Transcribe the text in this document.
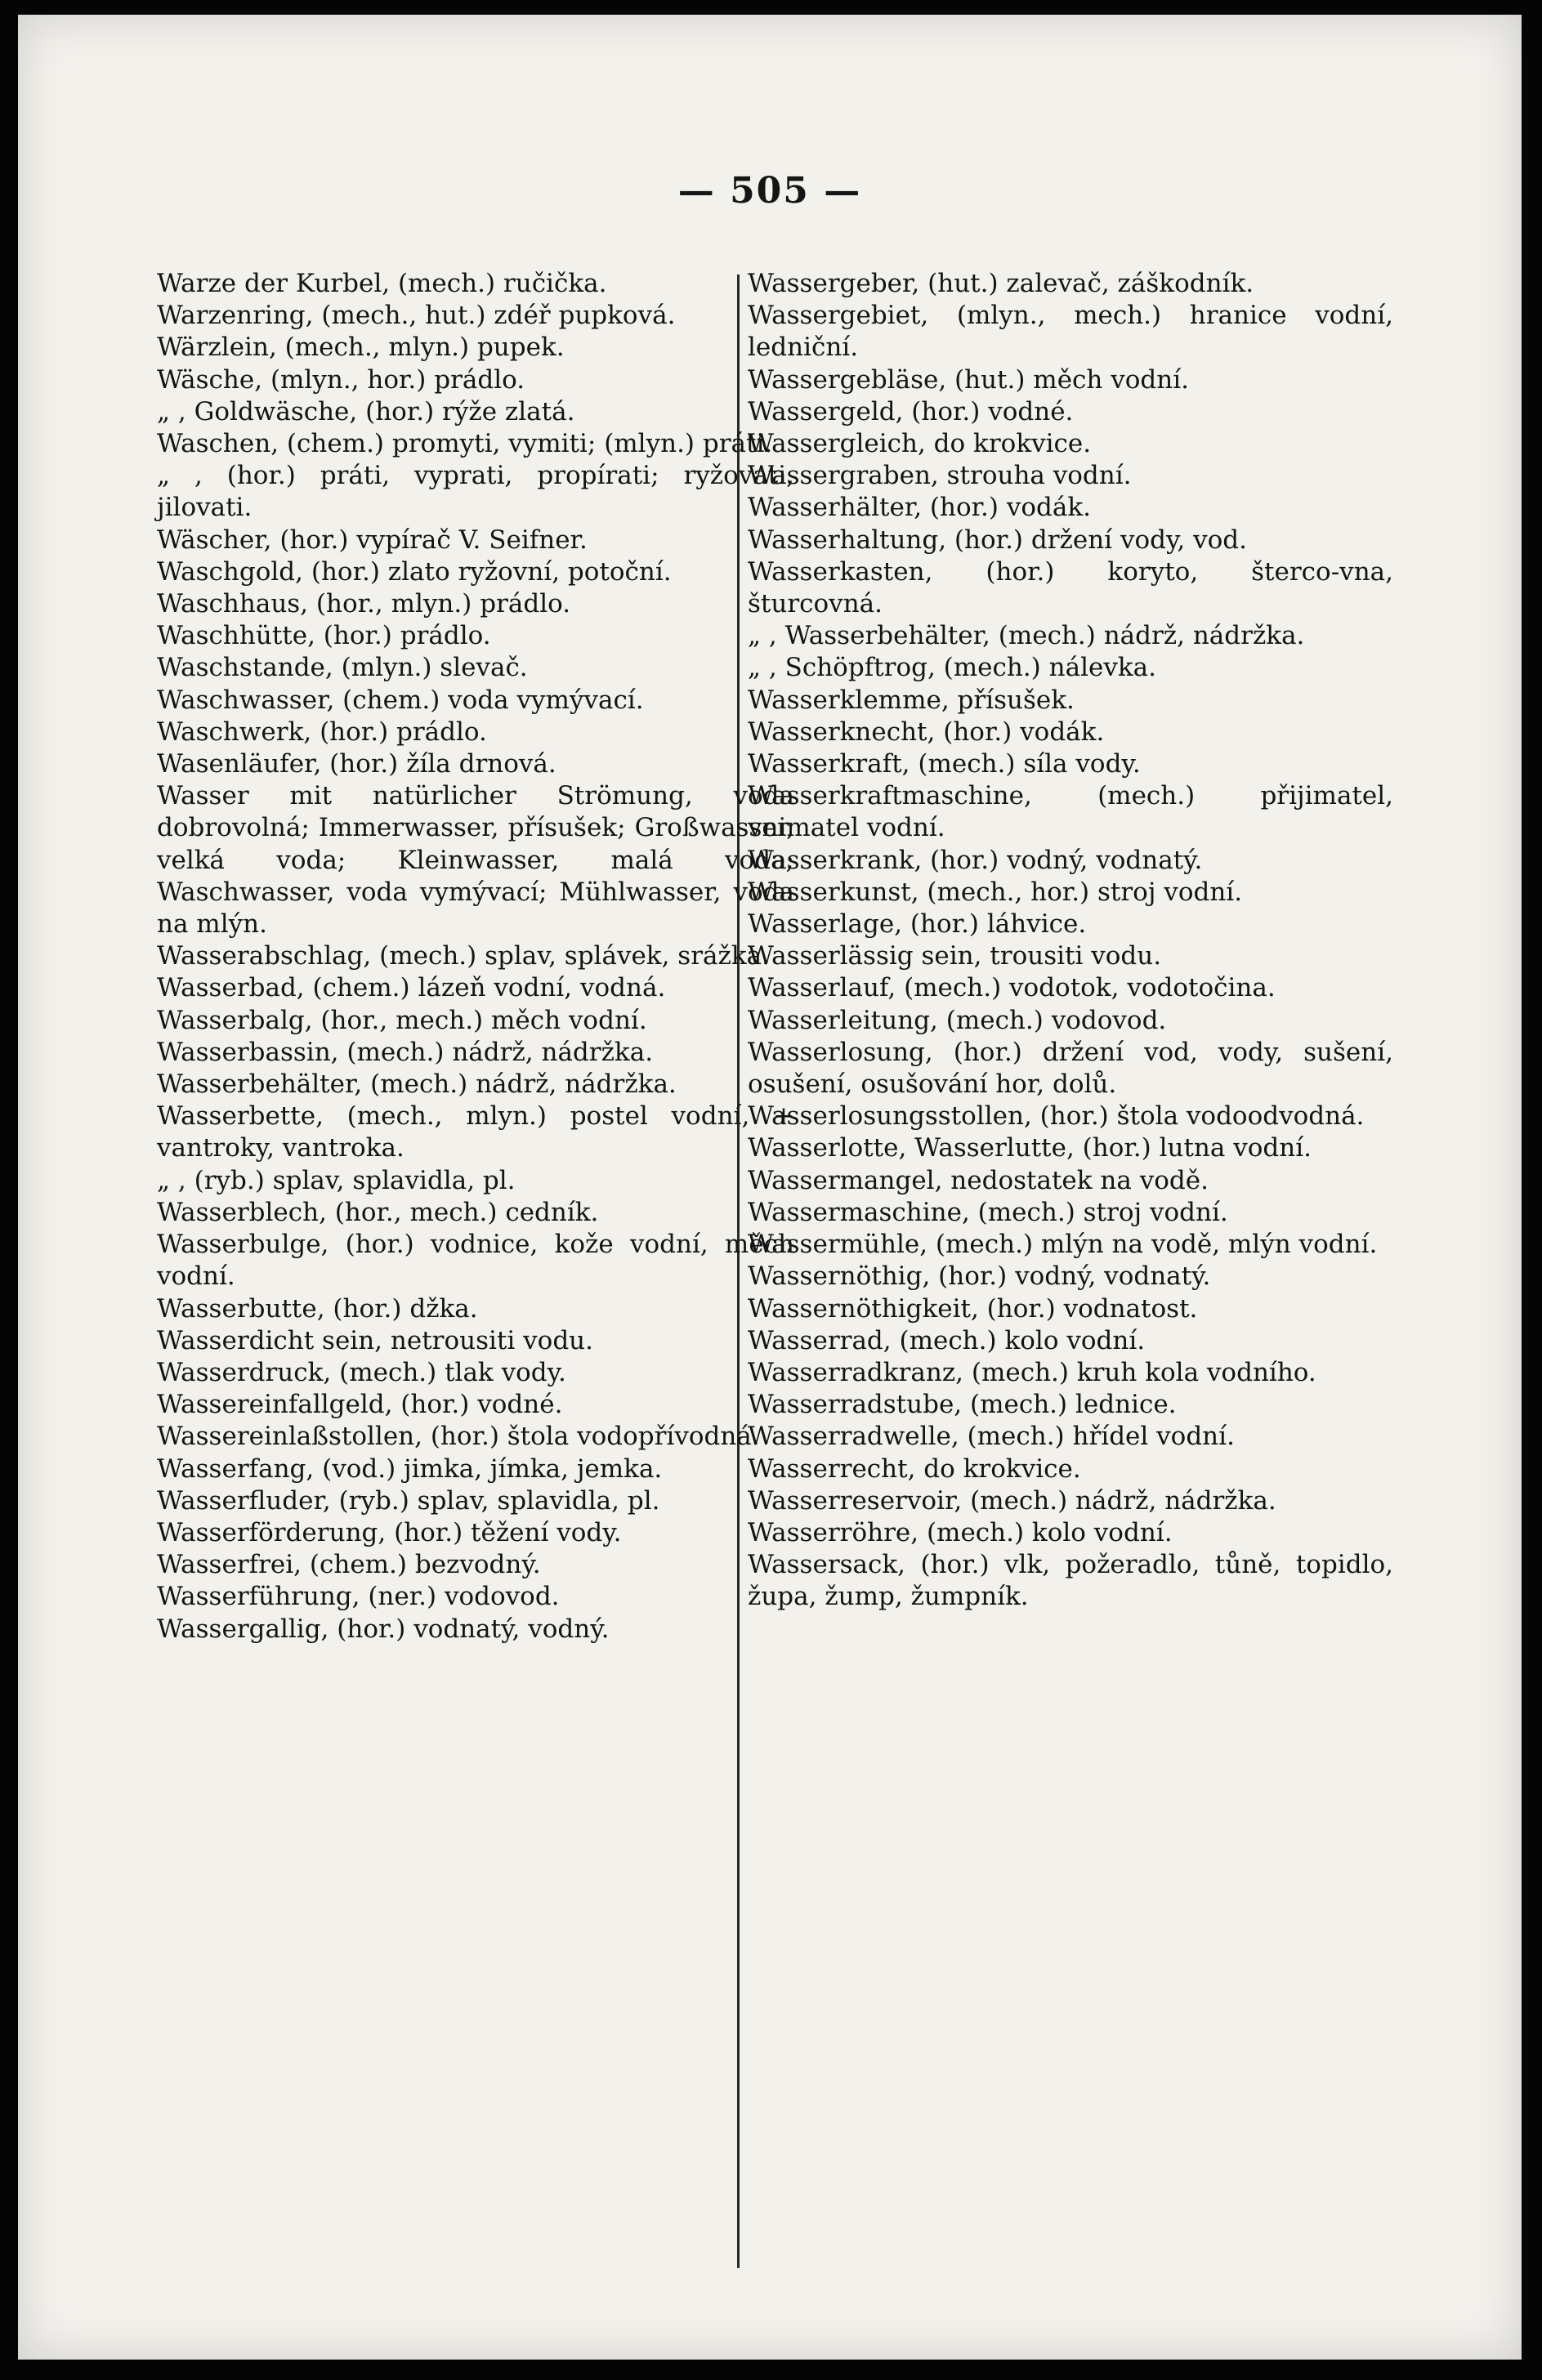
— 505 —

Warze der Kurbel, (mech.) ručička.

Warzenring, (mech., hut.) zdéř pupková.

Wärzlein, (mech., mlyn.) pupek.

Wäsche, (mlyn., hor.) prádlo.

„ , Goldwäsche, (hor.) rýže zlatá.

Waschen, (chem.) promyti, vymiti; (mlyn.) práti.

„ , (hor.) práti, vyprati, propírati; ryžovati, jilovati.

Wäscher, (hor.) vypírač V. Seifner.

Waschgold, (hor.) zlato ryžovní, potoční.

Waschhaus, (hor., mlyn.) prádlo.

Waschhütte, (hor.) prádlo.

Waschstande, (mlyn.) slevač.

Waschwasser, (chem.) voda vymývací.

Waschwerk, (hor.) prádlo.

Wasenläufer, (hor.) žíla drnová.

Wasser mit natürlicher Strömung, voda dobrovolná; Immerwasser, přísušek; Großwasser, velká voda; Kleinwasser, malá voda; Waschwasser, voda vymývací; Mühlwasser, voda na mlýn.

Wasserabschlag, (mech.) splav, splávek, srážka.

Wasserbad, (chem.) lázeň vodní, vodná.

Wasserbalg, (hor., mech.) měch vodní.

Wasserbassin, (mech.) nádrž, nádržka.

Wasserbehälter, (mech.) nádrž, nádržka.

Wasserbette, (mech., mlyn.) postel vodní, + vantroky, vantroka.

„ , (ryb.) splav, splavidla, pl.

Wasserblech, (hor., mech.) cedník.

Wasserbulge, (hor.) vodnice, kože vodní, měch vodní.

Wasserbutte, (hor.) džka.

Wasserdicht sein, netrousiti vodu.

Wasserdruck, (mech.) tlak vody.

Wassereinfallgeld, (hor.) vodné.

Wassereinlaßstollen, (hor.) štola vodopřívodná.

Wasserfang, (vod.) jimka, jímka, jemka.

Wasserfluder, (ryb.) splav, splavidla, pl.

Wasserförderung, (hor.) těžení vody.

Wasserfrei, (chem.) bezvodný.

Wasserführung, (ner.) vodovod.

Wassergallig, (hor.) vodnatý, vodný.

Wassergeber, (hut.) zalevač, záškodník.

Wassergebiet, (mlyn., mech.) hranice vodní, ledniční.

Wassergebläse, (hut.) měch vodní.

Wassergeld, (hor.) vodné.

Wassergleich, do krokvice.

Wassergraben, strouha vodní.

Wasserhälter, (hor.) vodák.

Wasserhaltung, (hor.) držení vody, vod.

Wasserkasten, (hor.) koryto, šterco-vna, šturcovná.

„ , Wasserbehälter, (mech.) nádrž, nádržka.

„ , Schöpftrog, (mech.) nálevka.

Wasserklemme, přísušek.

Wasserknecht, (hor.) vodák.

Wasserkraft, (mech.) síla vody.

Wasserkraftmaschine, (mech.) přijimatel, vnimatel vodní.

Wasserkrank, (hor.) vodný, vodnatý.

Wasserkunst, (mech., hor.) stroj vodní.

Wasserlage, (hor.) láhvice.

Wasserlässig sein, trousiti vodu.

Wasserlauf, (mech.) vodotok, vodotočina.

Wasserleitung, (mech.) vodovod.

Wasserlosung, (hor.) držení vod, vody, sušení, osušení, osušování hor, dolů.

Wasserlosungsstollen, (hor.) štola vodoodvodná.

Wasserlotte, Wasserlutte, (hor.) lutna vodní.

Wassermangel, nedostatek na vodě.

Wassermaschine, (mech.) stroj vodní.

Wassermühle, (mech.) mlýn na vodě, mlýn vodní.

Wassernöthig, (hor.) vodný, vodnatý.

Wassernöthigkeit, (hor.) vodnatost.

Wasserrad, (mech.) kolo vodní.

Wasserradkranz, (mech.) kruh kola vodního.

Wasserradstube, (mech.) lednice.

Wasserradwelle, (mech.) hřídel vodní.

Wasserrecht, do krokvice.

Wasserreservoir, (mech.) nádrž, nádržka.

Wasserröhre, (mech.) kolo vodní.

Wassersack, (hor.) vlk, požeradlo, tůně, topidlo, župa, žump, žumpník.
